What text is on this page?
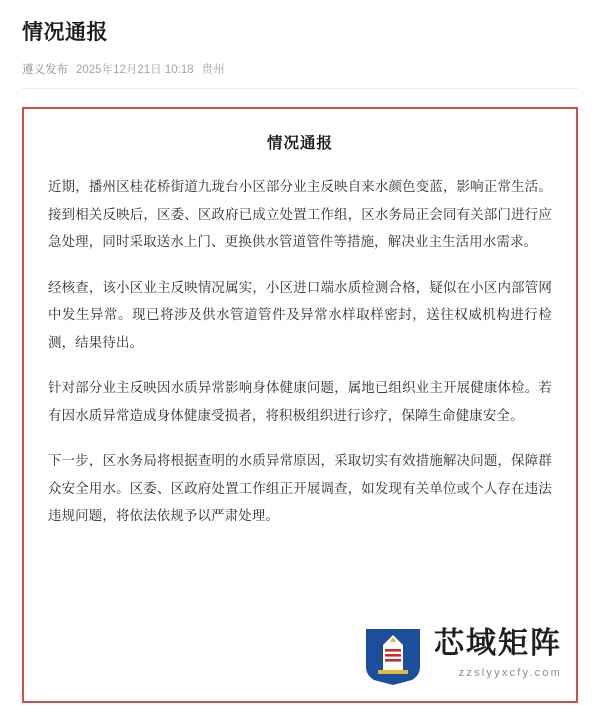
情况通报
遵义发布 2025年12月21日 10:18 贵州
情况通报

近期，播州区桂花桥街道九珑台小区部分业主反映自来水颜色变蓝，影响正常生活。接到相关反映后，区委、区政府已成立处置工作组，区水务局正会同有关部门进行应急处理，同时采取送水上门、更换供水管道管件等措施，解决业主生活用水需求。

经核查，该小区业主反映情况属实，小区进口端水质检测合格，疑似在小区内部管网中发生异常。现已将涉及供水管道管件及异常水样取样密封，送往权威机构进行检测，结果待出。

针对部分业主反映因水质异常影响身体健康问题，属地已组织业主开展健康体检。若有因水质异常造成身体健康受损者，将积极组织进行诊疗，保障生命健康安全。

下一步，区水务局将根据查明的水质异常原因，采取切实有效措施解决问题，保障群众安全用水。区委、区政府处置工作组正开展调查，如发现有关单位或个人存在违法违规问题，将依法依规予以严肃处理。

芯域矩阵
zzslyyxcfy.com
